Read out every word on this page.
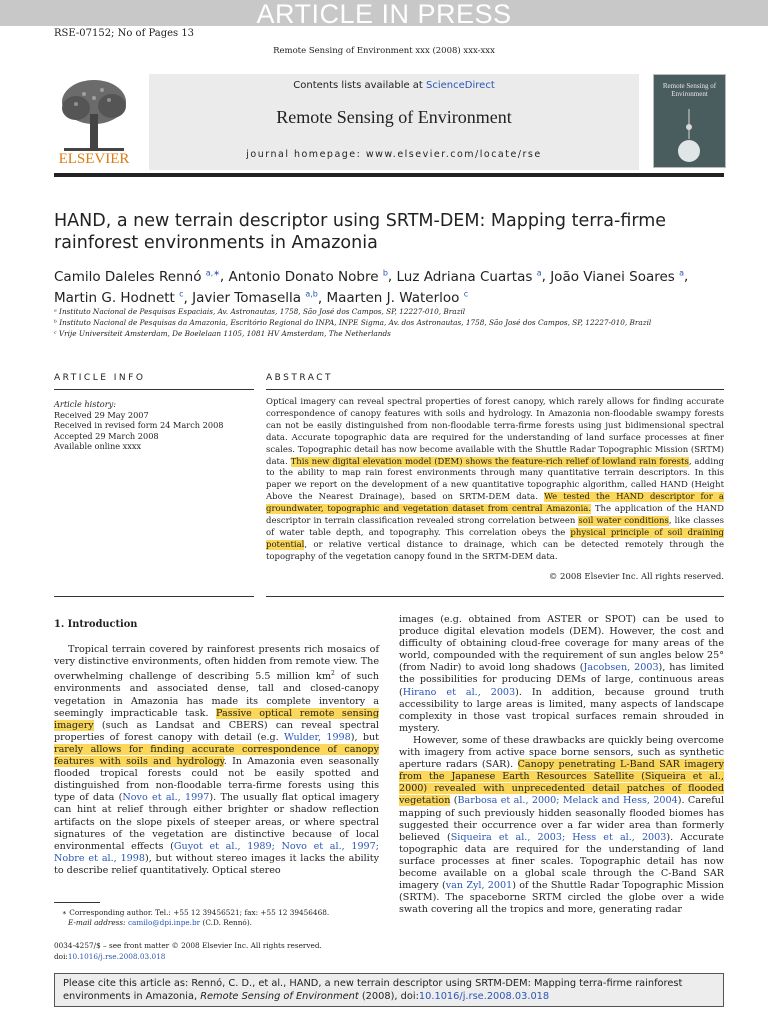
ARTICLE IN PRESS
RSE-07152; No of Pages 13
Remote Sensing of Environment xxx (2008) xxx-xxx
ELSEVIER
Contents lists available at ScienceDirect
Remote Sensing of Environment
journal homepage: www.elsevier.com/locate/rse
Remote Sensing of Environment
HAND, a new terrain descriptor using SRTM-DEM: Mapping terra-firme rainforest environments in Amazonia
Camilo Daleles Rennó $^{a,∗}$, Antonio Donato Nobre $^b$, Luz Adriana Cuartas $^a$, João Vianei Soares $^a$,
Martin G. Hodnett $^c$, Javier Tomasella $^{a,b}$, Maarten J. Waterloo $^c$
ᵃ Instituto Nacional de Pesquisas Espaciais, Av. Astronautas, 1758, São José dos Campos, SP, 12227-010, Brazil
ᵇ Instituto Nacional de Pesquisas da Amazonia, Escritório Regional do INPA, INPE Sigma, Av. dos Astronautas, 1758, São José dos Campos, SP, 12227-010, Brazil
ᶜ Vrije Universiteit Amsterdam, De Boelelaan 1105, 1081 HV Amsterdam, The Netherlands
ARTICLE INFO
Article history:
Received 29 May 2007
Received in revised form 24 March 2008
Accepted 29 March 2008
Available online xxxx
ABSTRACT
Optical imagery can reveal spectral properties of forest canopy, which rarely allows for finding accurate correspondence of canopy features with soils and hydrology. In Amazonia non-floodable swampy forests can not be easily distinguished from non-floodable terra-firme forests using just bidimensional spectral data. Accurate topographic data are required for the understanding of land surface processes at finer scales. Topographic detail has now become available with the Shuttle Radar Topographic Mission (SRTM) data. This new digital elevation model (DEM) shows the feature-rich relief of lowland rain forests, adding to the ability to map rain forest environments through many quantitative terrain descriptors. In this paper we report on the development of a new quantitative topographic algorithm, called HAND (Height Above the Nearest Drainage), based on SRTM-DEM data. We tested the HAND descriptor for a groundwater, topographic and vegetation dataset from central Amazonia. The application of the HAND descriptor in terrain classification revealed strong correlation between soil water conditions, like classes of water table depth, and topography. This correlation obeys the physical principle of soil draining potential, or relative vertical distance to drainage, which can be detected remotely through the topography of the vegetation canopy found in the SRTM-DEM data.
© 2008 Elsevier Inc. All rights reserved.
1. Introduction
Tropical terrain covered by rainforest presents rich mosaics of very distinctive environments, often hidden from remote view. The overwhelming challenge of describing 5.5 million $km^2$ of such environments and associated dense, tall and closed-canopy vegetation in Amazonia has made its complete inventory a seemingly impracticable task. Passive optical remote sensing imagery (such as Landsat and CBERS) can reveal spectral properties of forest canopy with detail (e.g. Wulder, 1998), but rarely allows for finding accurate correspondence of canopy features with soils and hydrology. In Amazonia even seasonally flooded tropical forests could not be easily spotted and distinguished from non-floodable terra-firme forests using this type of data (Novo et al., 1997). The usually flat optical imagery can hint at relief through either brighter or shadow reflection artifacts on the slope pixels of steeper areas, or where spectral signatures of the vegetation are distinctive because of local environmental effects (Guyot et al., 1989; Novo et al., 1997; Nobre et al., 1998), but without stereo images it lacks the ability to describe relief quantitatively. Optical stereo
images (e.g. obtained from ASTER or SPOT) can be used to produce digital elevation models (DEM). However, the cost and difficulty of obtaining cloud-free coverage for many areas of the world, compounded with the requirement of sun angles below 25° (from Nadir) to avoid long shadows (Jacobsen, 2003), has limited the possibilities for producing DEMs of large, continuous areas (Hirano et al., 2003). In addition, because ground truth accessibility to large areas is limited, many aspects of landscape complexity in those vast tropical surfaces remain shrouded in mystery.
However, some of these drawbacks are quickly being overcome with imagery from active space borne sensors, such as synthetic aperture radars (SAR). Canopy penetrating L-Band SAR imagery from the Japanese Earth Resources Satellite (Siqueira et al., 2000) revealed with unprecedented detail patches of flooded vegetation (Barbosa et al., 2000; Melack and Hess, 2004). Careful mapping of such previously hidden seasonally flooded biomes has suggested their occurrence over a far wider area than formerly believed (Siqueira et al., 2003; Hess et al., 2003). Accurate topographic data are required for the understanding of land surface processes at finer scales. Topographic detail has now become available on a global scale through the C-Band SAR imagery (van Zyl, 2001) of the Shuttle Radar Topographic Mission (SRTM). The spaceborne SRTM circled the globe over a wide swath covering all the tropics and more, generating radar
∗ Corresponding author. Tel.: +55 12 39456521; fax: +55 12 39456468.
E-mail address: camilo@dpi.inpe.br (C.D. Rennó).
0034-4257/$ – see front matter © 2008 Elsevier Inc. All rights reserved.
doi:10.1016/j.rse.2008.03.018
Please cite this article as: Rennó, C. D., et al., HAND, a new terrain descriptor using SRTM-DEM: Mapping terra-firme rainforest environments in Amazonia, Remote Sensing of Environment (2008), doi:10.1016/j.rse.2008.03.018
